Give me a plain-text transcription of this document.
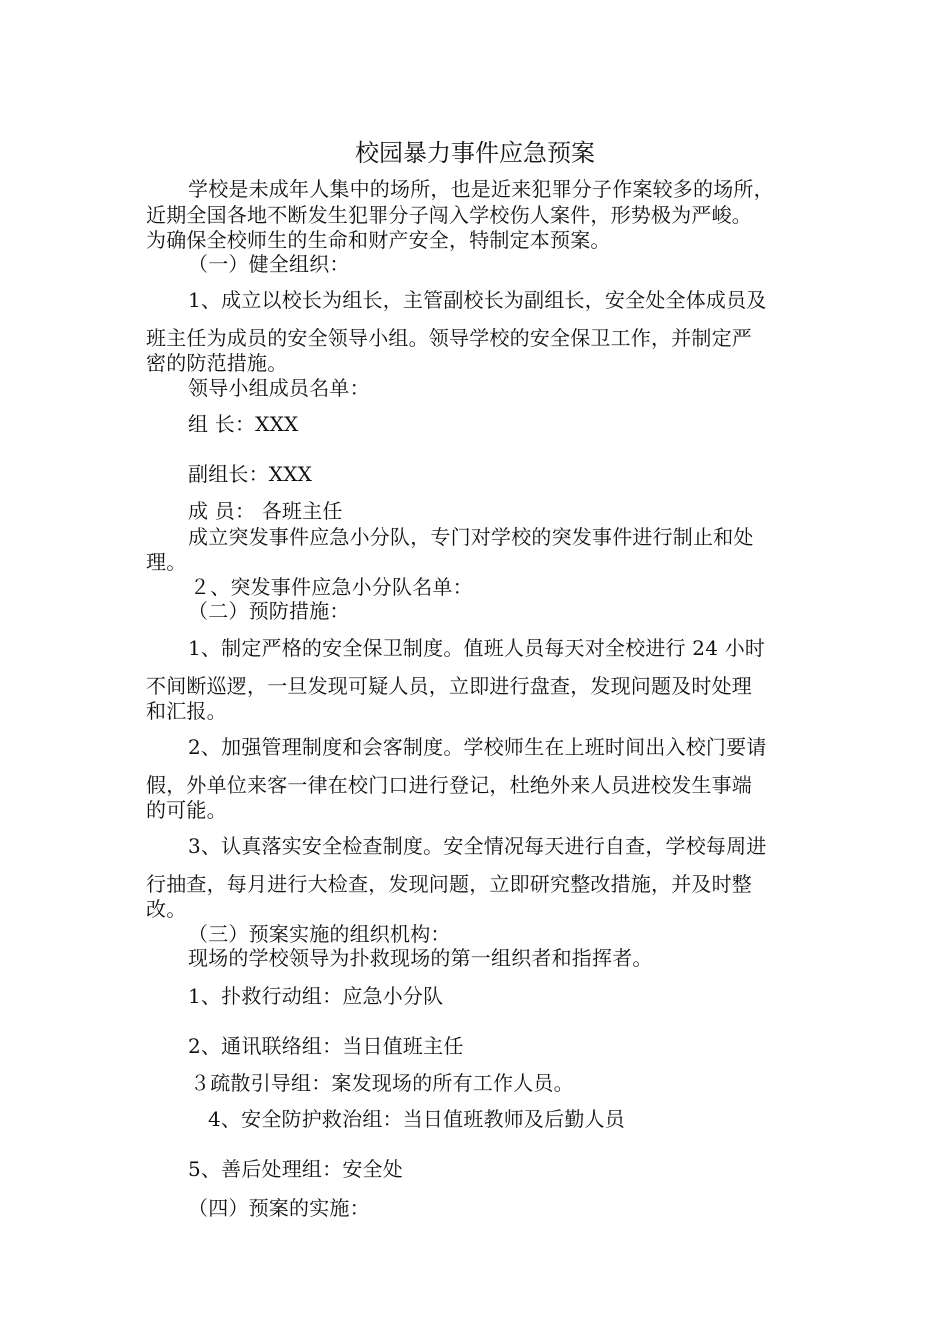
校园暴力事件应急预案
学校是未成年人集中的场所，也是近来犯罪分子作案较多的场所，
近期全国各地不断发生犯罪分子闯入学校伤人案件，形势极为严峻。
为确保全校师生的生命和财产安全，特制定本预案。
（一）健全组织：
1、成立以校长为组长，主管副校长为副组长，安全处全体成员及
班主任为成员的安全领导小组。领导学校的安全保卫工作，并制定严
密的防范措施。
领导小组成员名单：
组 长：XXX
副组长：XXX
成 员： 各班主任
成立突发事件应急小分队，专门对学校的突发事件进行制止和处
理。
２、突发事件应急小分队名单：
（二）预防措施：
1、制定严格的安全保卫制度。值班人员每天对全校进行 24 小时
不间断巡逻，一旦发现可疑人员，立即进行盘查，发现问题及时处理
和汇报。
2、加强管理制度和会客制度。学校师生在上班时间出入校门要请
假，外单位来客一律在校门口进行登记，杜绝外来人员进校发生事端
的可能。
3、认真落实安全检查制度。安全情况每天进行自查，学校每周进
行抽查，每月进行大检查，发现问题，立即研究整改措施，并及时整
改。
（三）预案实施的组织机构：
现场的学校领导为扑救现场的第一组织者和指挥者。
1、扑救行动组：应急小分队
2、通讯联络组：当日值班主任
３疏散引导组：案发现场的所有工作人员。
4、安全防护救治组：当日值班教师及后勤人员
5、善后处理组：安全处
（四）预案的实施：
